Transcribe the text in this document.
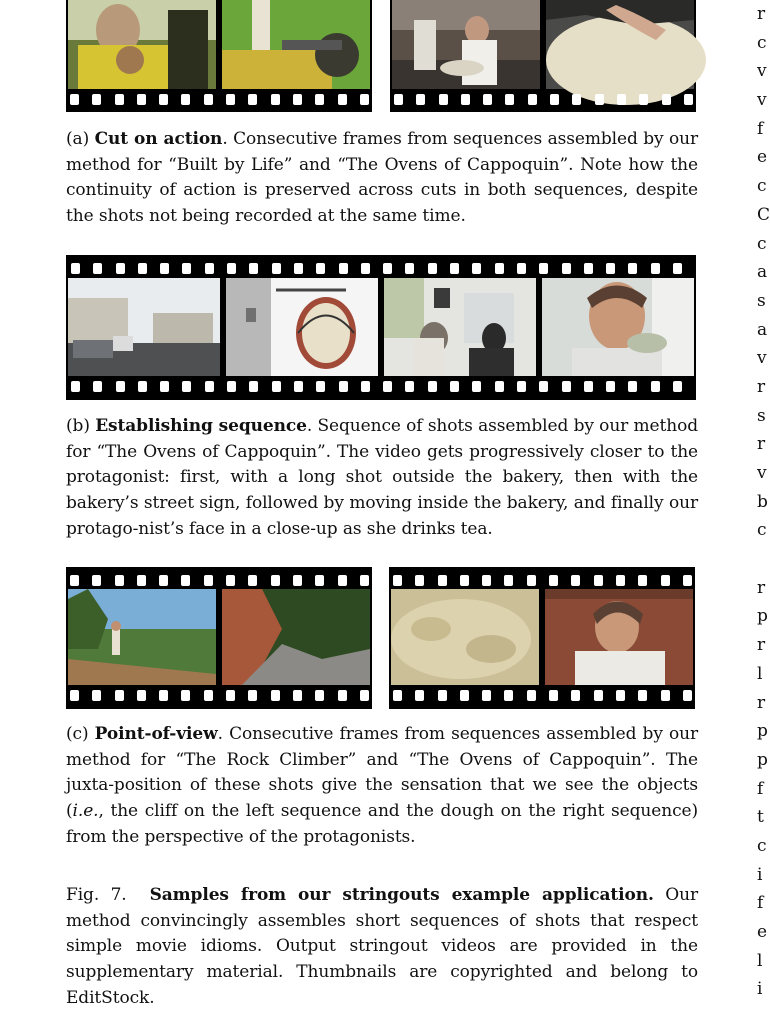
(a) Cut on action. Consecutive frames from sequences assembled by our method for “Built by Life” and “The Ovens of Cappoquin”. Note how the continuity of action is preserved across cuts in both sequences, despite the shots not being recorded at the same time.
(b) Establishing sequence. Sequence of shots assembled by our method for “The Ovens of Cappoquin”. The video gets progressively closer to the protagonist: first, with a long shot outside the bakery, then with the bakery’s street sign, followed by moving inside the bakery, and finally our protago-nist’s face in a close-up as she drinks tea.
(c) Point-of-view. Consecutive frames from sequences assembled by our method for “The Rock Climber” and “The Ovens of Cappoquin”. The juxta-position of these shots give the sensation that we see the objects (i.e., the cliff on the left sequence and the dough on the right sequence) from the perspective of the protagonists.
Fig. 7. Samples from our stringouts example application. Our method convincingly assembles short sequences of shots that respect simple movie idioms. Output stringout videos are provided in the supplementary material. Thumbnails are copyrighted and belong to EditStock.
r
c
v
v
f
e
c
C
c
a
s
a
v
r
s
r
v
b
c
r
p
r
l
r
p
p
f
t
c
i
f
e
l
i
